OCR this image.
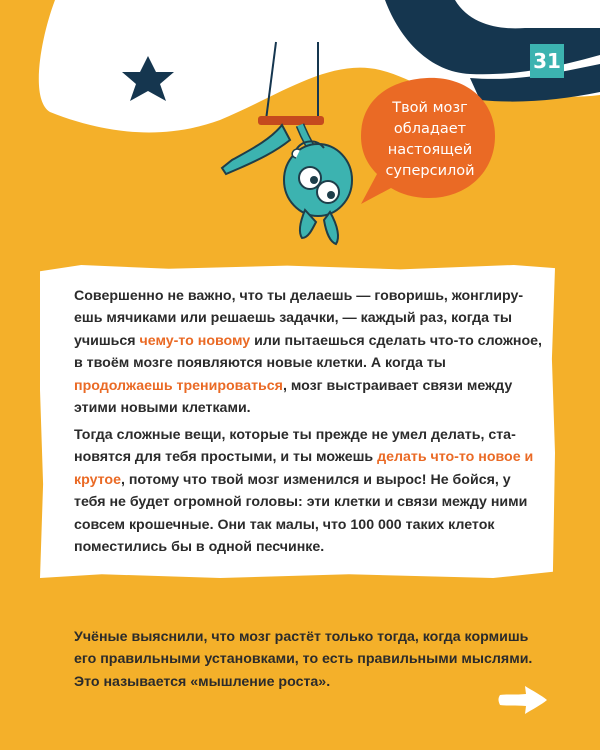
31
Твой мозг обладает настоящей суперсилой

Совершенно не важно, что ты делаешь — говоришь, жонглируешь мячиками или решаешь задачки, — каждый раз, когда ты учишься чему-то новому или пытаешься сделать что-то сложное, в твоём мозге появляются новые клетки. А когда ты продолжаешь тренироваться, мозг выстраивает связи между этими новыми клетками.

Тогда сложные вещи, которые ты прежде не умел делать, становятся для тебя простыми, и ты можешь делать что-то новое и крутое, потому что твой мозг изменился и вырос! Не бойся, у тебя не будет огромной головы: эти клетки и связи между ними совсем крошечные. Они так малы, что 100 000 таких клеток поместились бы в одной песчинке.

Учёные выяснили, что мозг растёт только тогда, когда кормишь его правильными установками, то есть правильными мыслями. Это называется «мышление роста».
